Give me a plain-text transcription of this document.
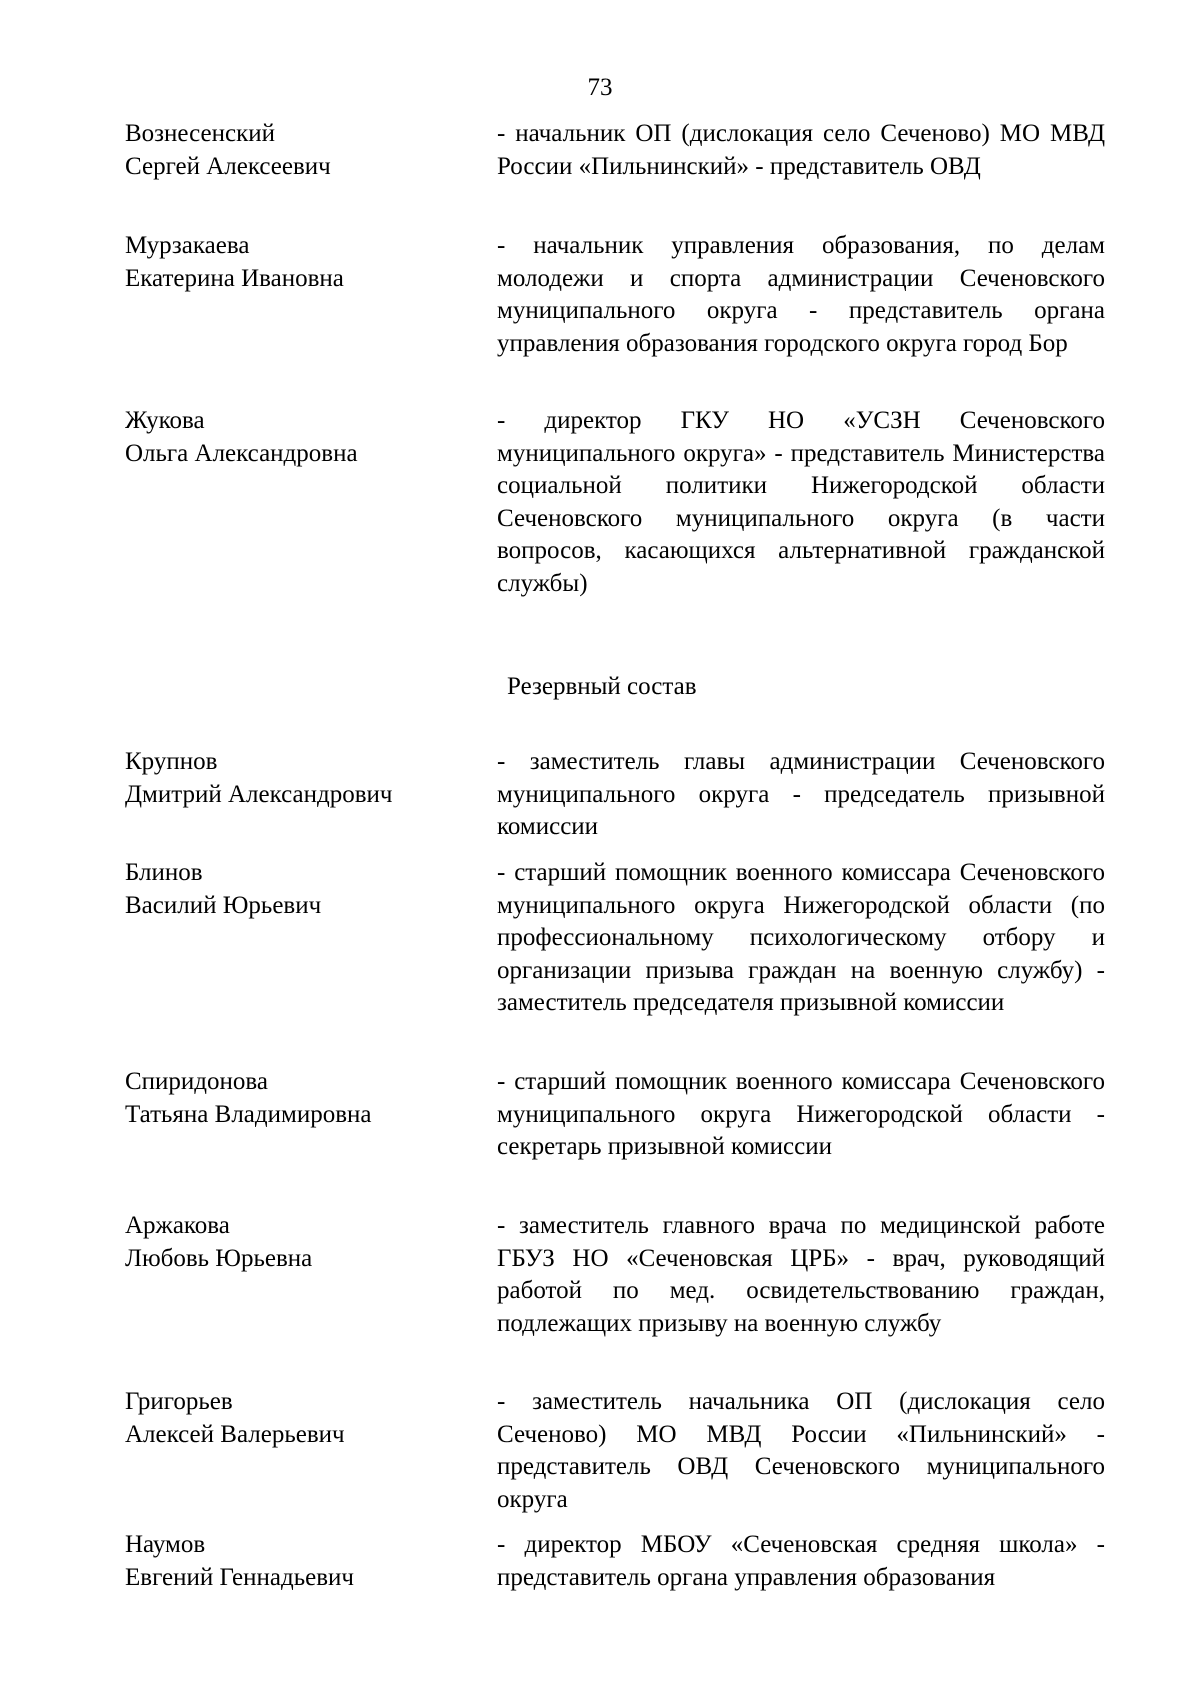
73
Вознесенский
Сергей Алексеевич
- начальник ОП (дислокация село Сеченово) МО МВД России «Пильнинский» - представитель ОВД
Мурзакаева
Екатерина Ивановна
- начальник управления образования, по делам молодежи и спорта администрации Сеченовского муниципального округа - представитель органа управления образования городского округа город Бор
Жукова
Ольга Александровна
- директор ГКУ НО «УСЗН Сеченовского муниципального округа» - представитель Министерства социальной политики Нижегородской области Сеченовского муниципального округа (в части вопросов, касающихся альтернативной гражданской службы)
Резервный состав
Крупнов
Дмитрий Александрович
- заместитель главы администрации Сеченовского муниципального округа - председатель призывной комиссии
Блинов
Василий Юрьевич
- старший помощник военного комиссара Сеченовского муниципального округа Нижегородской области (по профессиональному психологическому отбору и организации призыва граждан на военную службу) - заместитель председателя призывной комиссии
Спиридонова
Татьяна Владимировна
- старший помощник военного комиссара Сеченовского муниципального округа Нижегородской области - секретарь призывной комиссии
Аржакова
Любовь Юрьевна
- заместитель главного врача по медицинской работе ГБУЗ НО «Сеченовская ЦРБ» - врач, руководящий работой по мед. освидетельствованию граждан, подлежащих призыву на военную службу
Григорьев
Алексей Валерьевич
- заместитель начальника ОП (дислокация село Сеченово) МО МВД России «Пильнинский» - представитель ОВД Сеченовского муниципального округа
Наумов
Евгений Геннадьевич
- директор МБОУ «Сеченовская средняя школа» - представитель органа управления образования
